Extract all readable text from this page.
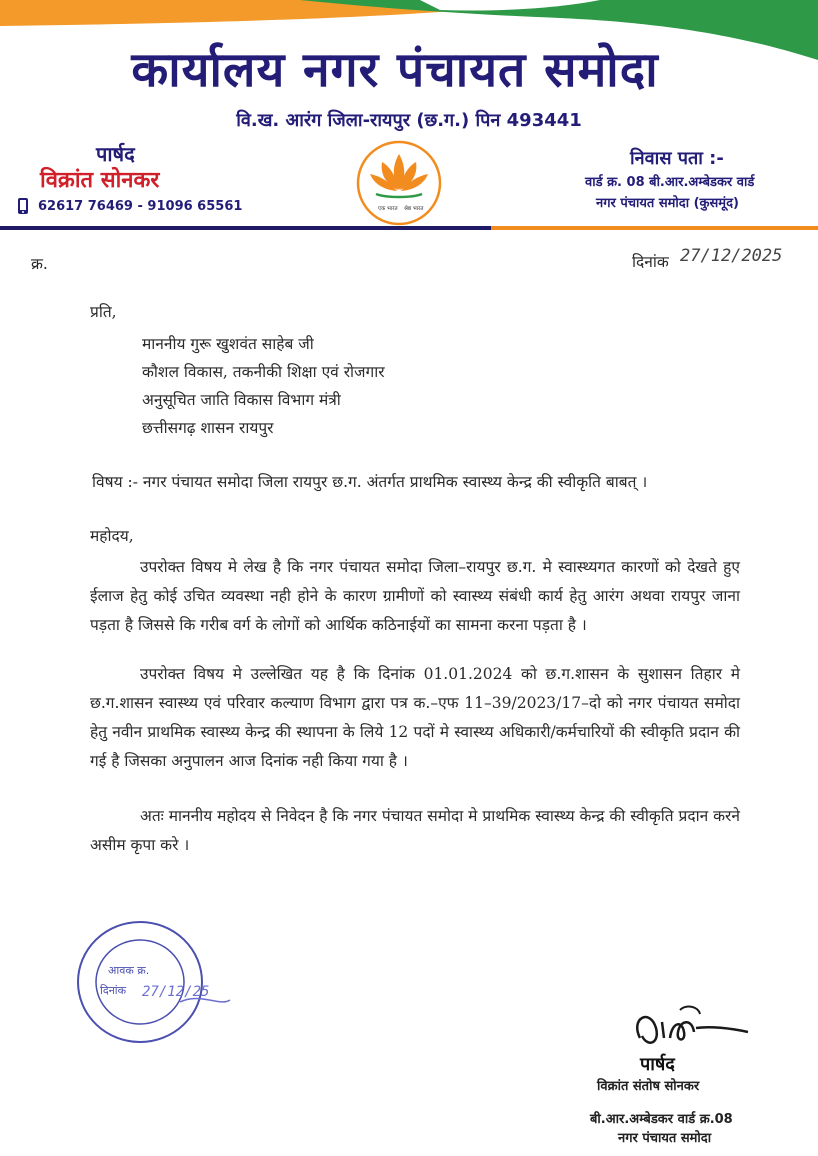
कार्यालय नगर पंचायत समोदा
वि.ख. आरंग जिला-रायपुर (छ.ग.) पिन 493441
पार्षद
विक्रांत सोनकर
62617 76469 - 91096 65561	एक भारत श्रेष्ठ भारत
निवास पता :-
वार्ड क्र. 08 बी.आर.अम्बेडकर वार्ड
नगर पंचायत समोदा (कुसमूंद)
क्र.	दिनांक 27/12/2025
प्रति,
माननीय गुरू खुशवंत साहेब जी
कौशल विकास, तकनीकी शिक्षा एवं रोजगार
अनुसूचित जाति विकास विभाग मंत्री
छत्तीसगढ़ शासन रायपुर
विषय :- नगर पंचायत समोदा जिला रायपुर छ.ग. अंतर्गत प्राथमिक स्वास्थ्य केन्द्र की स्वीकृति बाबत् ।
महोदय,
उपरोक्त विषय मे लेख है कि नगर पंचायत समोदा जिला–रायपुर छ.ग. मे स्वास्थ्यगत कारणों को देखते हुए ईलाज हेतु कोई उचित व्यवस्था नही होने के कारण ग्रामीणों को स्वास्थ्य संबंधी कार्य हेतु आरंग अथवा रायपुर जाना पड़ता है जिससे कि गरीब वर्ग के लोगों को आर्थिक कठिनाईयों का सामना करना पड़ता है ।
उपरोक्त विषय मे उल्लेखित यह है कि दिनांक 01.01.2024 को छ.ग.शासन के सुशासन तिहार मे छ.ग.शासन स्वास्थ्य एवं परिवार कल्याण विभाग द्वारा पत्र क.–एफ 11–39/2023/17–दो को नगर पंचायत समोदा हेतु नवीन प्राथमिक स्वास्थ्य केन्द्र की स्थापना के लिये 12 पदों मे स्वास्थ्य अधिकारी/कर्मचारियों की स्वीकृति प्रदान की गई है जिसका अनुपालन आज दिनांक नही किया गया है ।
अतः माननीय महोदय से निवेदन है कि नगर पंचायत समोदा मे प्राथमिक स्वास्थ्य केन्द्र की स्वीकृति प्रदान करने असीम कृपा करे ।
आवक क्र.
दिनांक 27/12/25
पार्षद
विक्रांत संतोष सोनकर
बी.आर.अम्बेडकर वार्ड क्र.08
नगर पंचायत समोदा
